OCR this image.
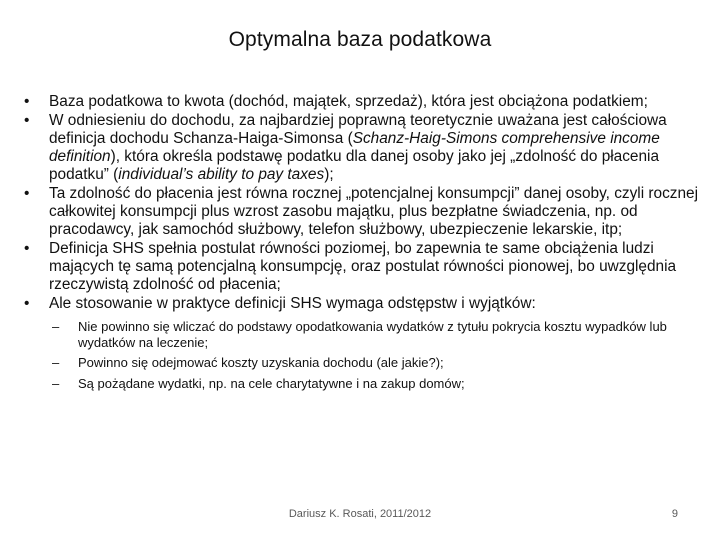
Optymalna baza podatkowa
• Baza podatkowa to kwota (dochód, majątek, sprzedaż), która jest obciążona podatkiem;
• W odniesieniu do dochodu, za najbardziej poprawną teoretycznie uważana jest całościowa definicja dochodu Schanza-Haiga-Simonsa (Schanz-Haig-Simons comprehensive income definition), która określa podstawę podatku dla danej osoby jako jej „zdolność do płacenia podatku” (individual’s ability to pay taxes);
• Ta zdolność do płacenia jest równa rocznej „potencjalnej konsumpcji” danej osoby, czyli rocznej całkowitej konsumpcji plus wzrost zasobu majątku, plus bezpłatne świadczenia, np. od pracodawcy, jak samochód służbowy, telefon służbowy, ubezpieczenie lekarskie, itp;
• Definicja SHS spełnia postulat równości poziomej, bo zapewnia te same obciążenia ludzi mających tę samą potencjalną konsumpcję, oraz postulat równości pionowej, bo uwzględnia rzeczywistą zdolność od płacenia;
• Ale stosowanie w praktyce definicji SHS wymaga odstępstw i wyjątków:
– Nie powinno się wliczać do podstawy opodatkowania wydatków z tytułu pokrycia kosztu wypadków lub wydatków na leczenie;
– Powinno się odejmować koszty uzyskania dochodu (ale jakie?);
– Są pożądane wydatki, np. na cele charytatywne i na zakup domów;
Dariusz K. Rosati, 2011/2012	9
